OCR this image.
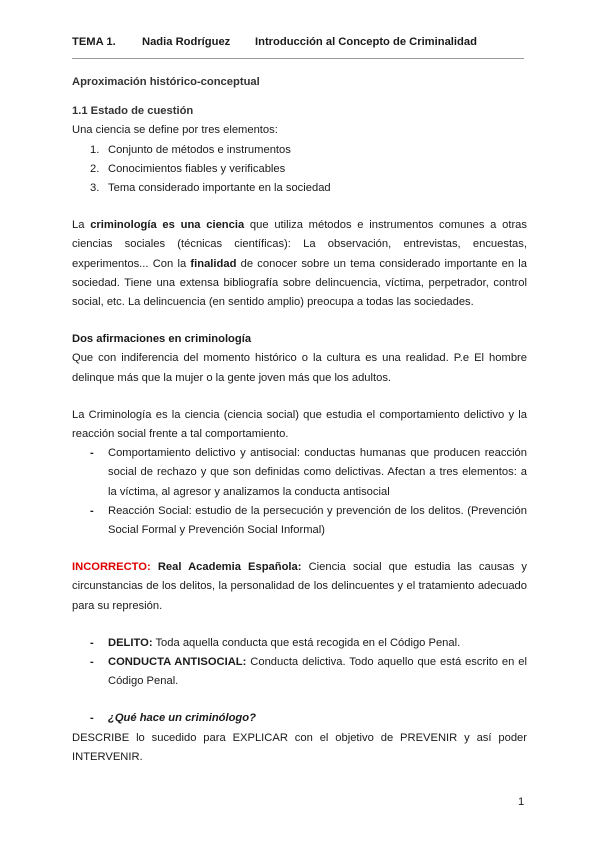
TEMA 1. Nadia Rodríguez Introducción al Concepto de Criminalidad

Aproximación histórico-conceptual

1.1 Estado de cuestión

Una ciencia se define por tres elementos:

1. Conjunto de métodos e instrumentos
2. Conocimientos fiables y verificables
3. Tema considerado importante en la sociedad

La criminología es una ciencia que utiliza métodos e instrumentos comunes a otras ciencias sociales (técnicas científicas): La observación, entrevistas, encuestas, experimentos... Con la finalidad de conocer sobre un tema considerado importante en la sociedad. Tiene una extensa bibliografía sobre delincuencia, víctima, perpetrador, control social, etc. La delincuencia (en sentido amplio) preocupa a todas las sociedades.

Dos afirmaciones en criminología

Que con indiferencia del momento histórico o la cultura es una realidad. P.e El hombre delinque más que la mujer o la gente joven más que los adultos.

La Criminología es la ciencia (ciencia social) que estudia el comportamiento delictivo y la reacción social frente a tal comportamiento.

- Comportamiento delictivo y antisocial: conductas humanas que producen reacción social de rechazo y que son definidas como delictivas. Afectan a tres elementos: a la víctima, al agresor y analizamos la conducta antisocial
- Reacción Social: estudio de la persecución y prevención de los delitos. (Prevención Social Formal y Prevención Social Informal)

INCORRECTO: Real Academia Española: Ciencia social que estudia las causas y circunstancias de los delitos, la personalidad de los delincuentes y el tratamiento adecuado para su represión.

- DELITO: Toda aquella conducta que está recogida en el Código Penal.
- CONDUCTA ANTISOCIAL: Conducta delictiva. Todo aquello que está escrito en el Código Penal.
- ¿Qué hace un criminólogo?

DESCRIBE lo sucedido para EXPLICAR con el objetivo de PREVENIR y así poder INTERVENIR.

1
